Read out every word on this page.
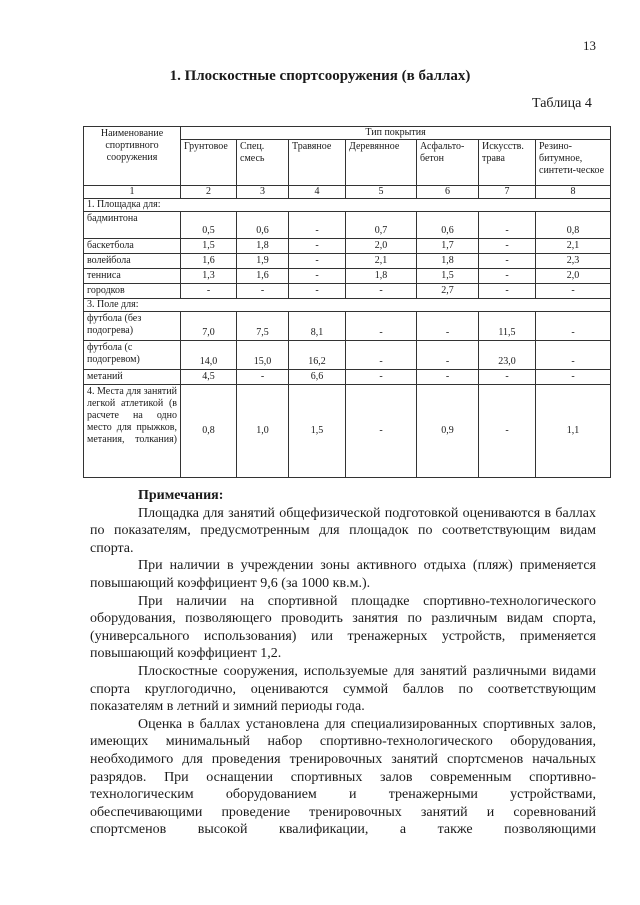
13
1. Плоскостные спортсооружения (в баллах)
Таблица 4
Наименование спортивного сооружения	Тип покрытия						
	Грунтовое	Спец. смесь	Травяное	Деревянное	Асфальто-бетон	Искусств. трава	Резино-битумное, синтети-ческое
1	2	3	4	5	6	7	8
1. Площадка для:							
бадминтона	0,5	0,6	-	0,7	0,6	-	0,8
баскетбола	1,5	1,8	-	2,0	1,7	-	2,1
волейбола	1,6	1,9	-	2,1	1,8	-	2,3
тенниса	1,3	1,6	-	1,8	1,5	-	2,0
городков	-	-	-	-	2,7	-	-
3. Поле для:							
футбола (без подогрева)	7,0	7,5	8,1	-	-	11,5	-
футбола (с подогревом)	14,0	15,0	16,2	-	-	23,0	-
метаний	4,5	-	6,6	-	-	-	-
4. Места для занятий легкой атлетикой (в расчете на одно место для прыжков, метания, толкания)	0,8	1,0	1,5	-	0,9	-	1,1
Примечания:

Площадка для занятий общефизической подготовкой оцениваются в баллах по показателям, предусмотренным для площадок по соответствующим видам спорта.

При наличии в учреждении зоны активного отдыха (пляж) применяется повышающий коэффициент 9,6 (за 1000 кв.м.).

При наличии на спортивной площадке спортивно-технологического оборудования, позволяющего проводить занятия по различным видам спорта, (универсального использования) или тренажерных устройств, применяется повышающий коэффициент 1,2.

Плоскостные сооружения, используемые для занятий различными видами спорта круглогодично, оцениваются суммой баллов по соответствующим показателям в летний и зимний периоды года.

Оценка в баллах установлена для специализированных спортивных залов, имеющих минимальный набор спортивно-технологического оборудования, необходимого для проведения тренировочных занятий спортсменов начальных разрядов. При оснащении спортивных залов современным спортивно-технологическим оборудованием и тренажерными устройствами, обеспечивающими проведение тренировочных занятий и соревнований спортсменов высокой квалификации, а также позволяющими
